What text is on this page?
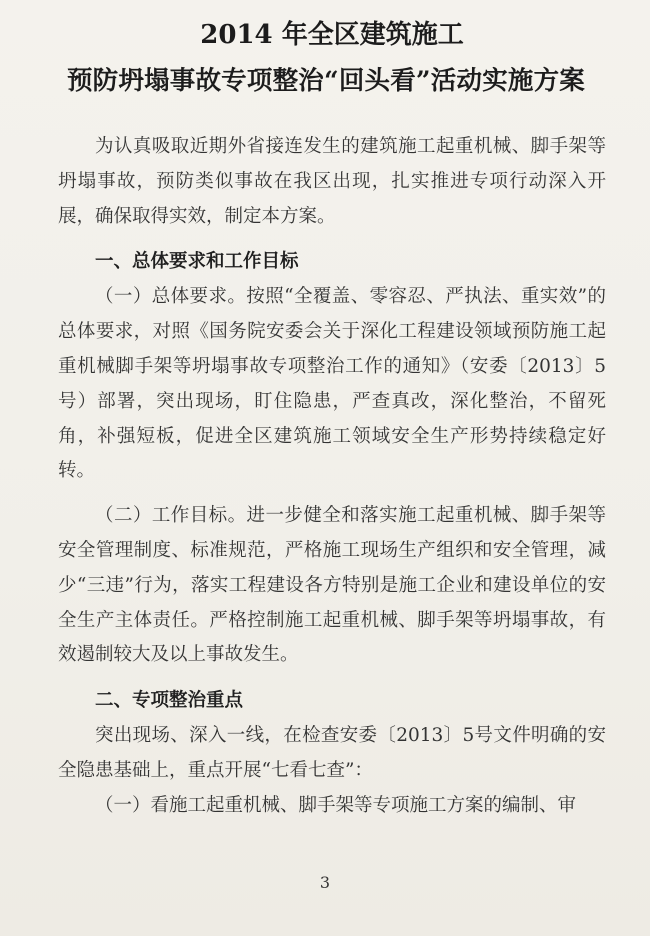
2014 年全区建筑施工
预防坍塌事故专项整治“回头看”活动实施方案

为认真吸取近期外省接连发生的建筑施工起重机械、脚手架等坍塌事故，预防类似事故在我区出现，扎实推进专项行动深入开展，确保取得实效，制定本方案。

一、总体要求和工作目标

（一）总体要求。按照“全覆盖、零容忍、严执法、重实效”的总体要求，对照《国务院安委会关于深化工程建设领域预防施工起重机械脚手架等坍塌事故专项整治工作的通知》（安委〔2013〕5号）部署，突出现场，盯住隐患，严查真改，深化整治，不留死角，补强短板，促进全区建筑施工领域安全生产形势持续稳定好转。

（二）工作目标。进一步健全和落实施工起重机械、脚手架等安全管理制度、标准规范，严格施工现场生产组织和安全管理，减少“三违”行为，落实工程建设各方特别是施工企业和建设单位的安全生产主体责任。严格控制施工起重机械、脚手架等坍塌事故，有效遏制较大及以上事故发生。

二、专项整治重点

突出现场、深入一线，在检查安委〔2013〕5号文件明确的安全隐患基础上，重点开展“七看七查”：

（一）看施工起重机械、脚手架等专项施工方案的编制、审

3
